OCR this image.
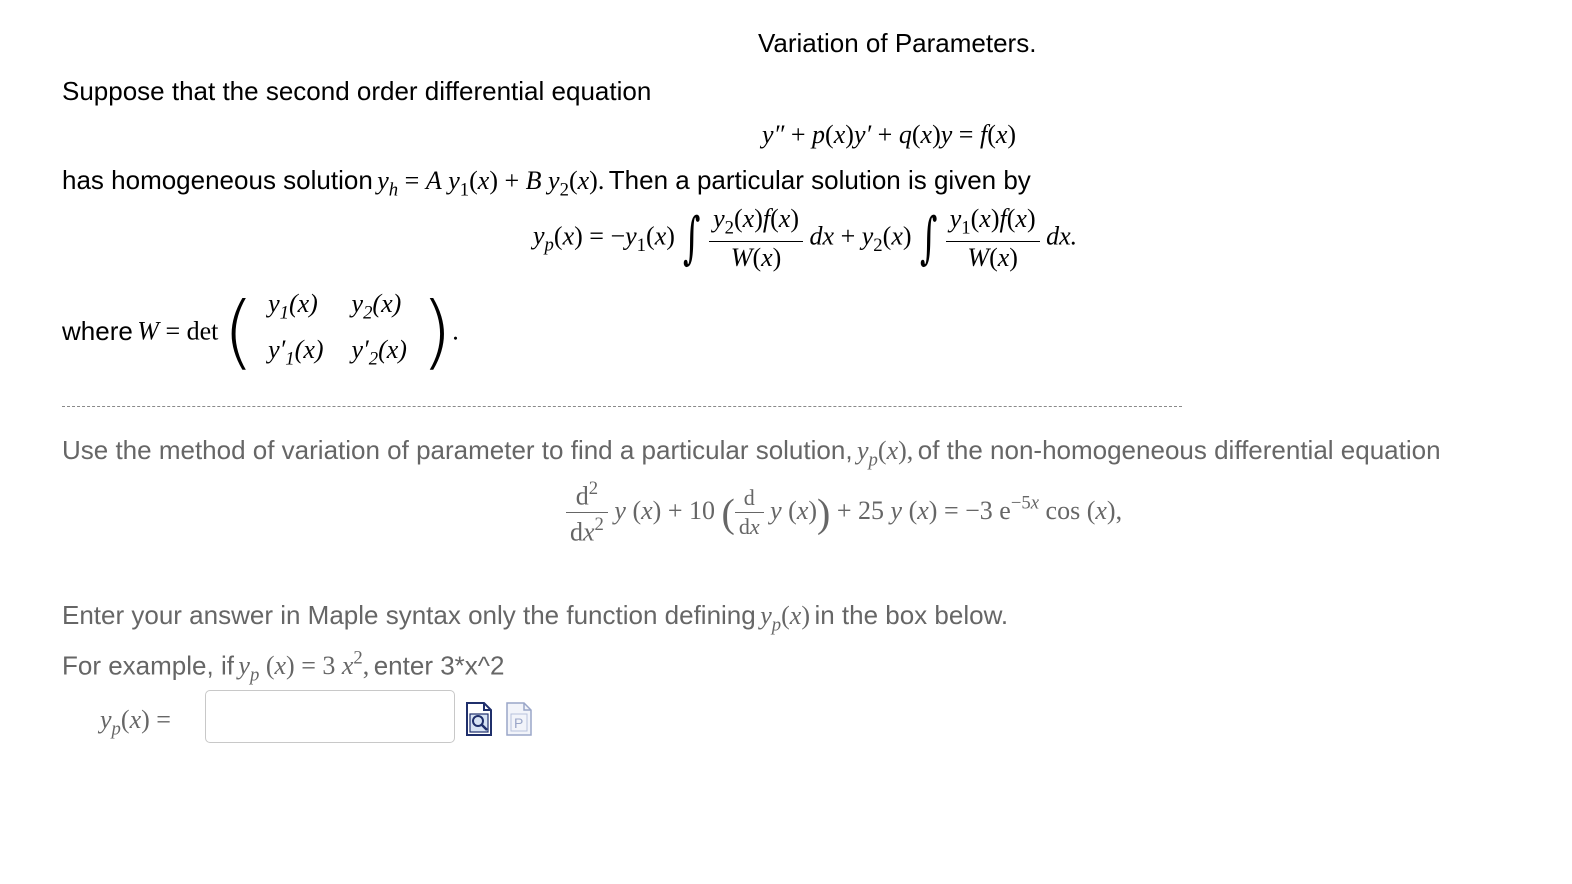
Variation of Parameters.
Suppose that the second order differential equation
y″ + p(x)y′ + q(x)y = f(x)
has homogeneous solution $y_h = A$ $y_1(x) + B$ $y_2(x)$. Then a particular solution is given by
$y_p(x) = -y_1(x)$ ∫ $\frac{y_2(x)f(x)}{W(x)}$ dx + $y_2(x)$ ∫ $\frac{y_1(x)f(x)}{W(x)}$ dx.
where W = det ( $y_1(x)$	$y_2(x)$
$y'_1(x)$	$y'_2(x)$ ).
Use the method of variation of parameter to find a particular solution, $y_p(x)$, of the non-homogeneous differential equation
$\frac{d^2}{dx^2}$ y (x) + 10 ( $\frac{d}{dx}$ y (x)) + 25 y (x) = −3 $e^{-5x}$ cos (x),
Enter your answer in Maple syntax only the function defining $y_p(x)$ in the box below.
For example, if $y_p$ (x) = 3 $x^2$, enter 3*x^2
$y_p(x)$ =	P
